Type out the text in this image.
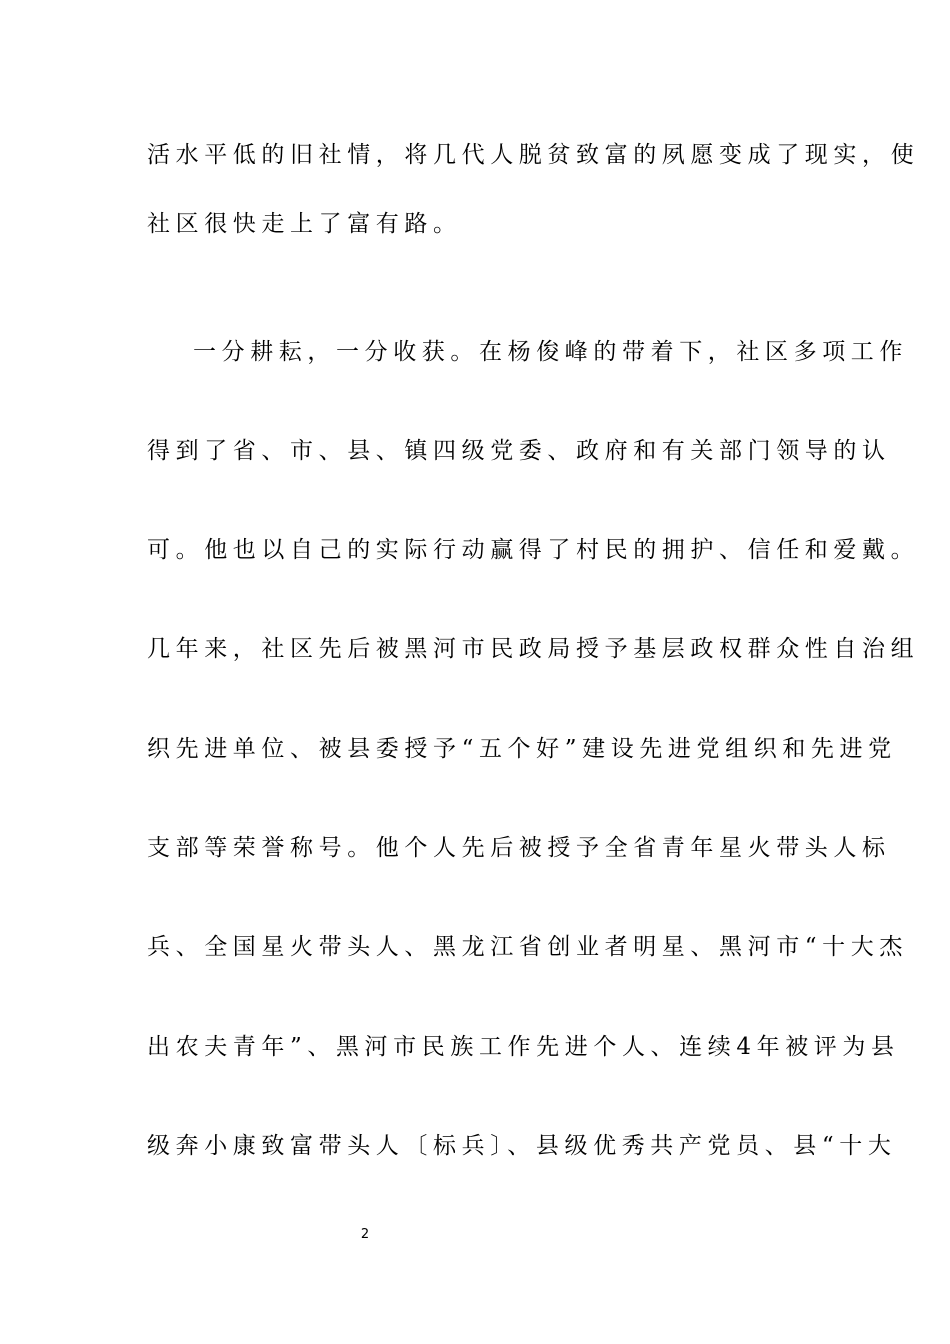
活水平低的旧社情，将几代人脱贫致富的夙愿变成了现实，使
社区很快走上了富有路。
一分耕耘，一分收获。在杨俊峰的带着下，社区多项工作
得到了省、市、县、镇四级党委、政府和有关部门领导的认
可。他也以自己的实际行动赢得了村民的拥护、信任和爱戴。
几年来，社区先后被黑河市民政局授予基层政权群众性自治组
织先进单位、被县委授予“五个好”建设先进党组织和先进党
支部等荣誉称号。他个人先后被授予全省青年星火带头人标
兵、全国星火带头人、黑龙江省创业者明星、黑河市“十大杰
出农夫青年”、黑河市民族工作先进个人、连续4年被评为县
级奔小康致富带头人〔标兵〕、县级优秀共产党员、县“十大
2
